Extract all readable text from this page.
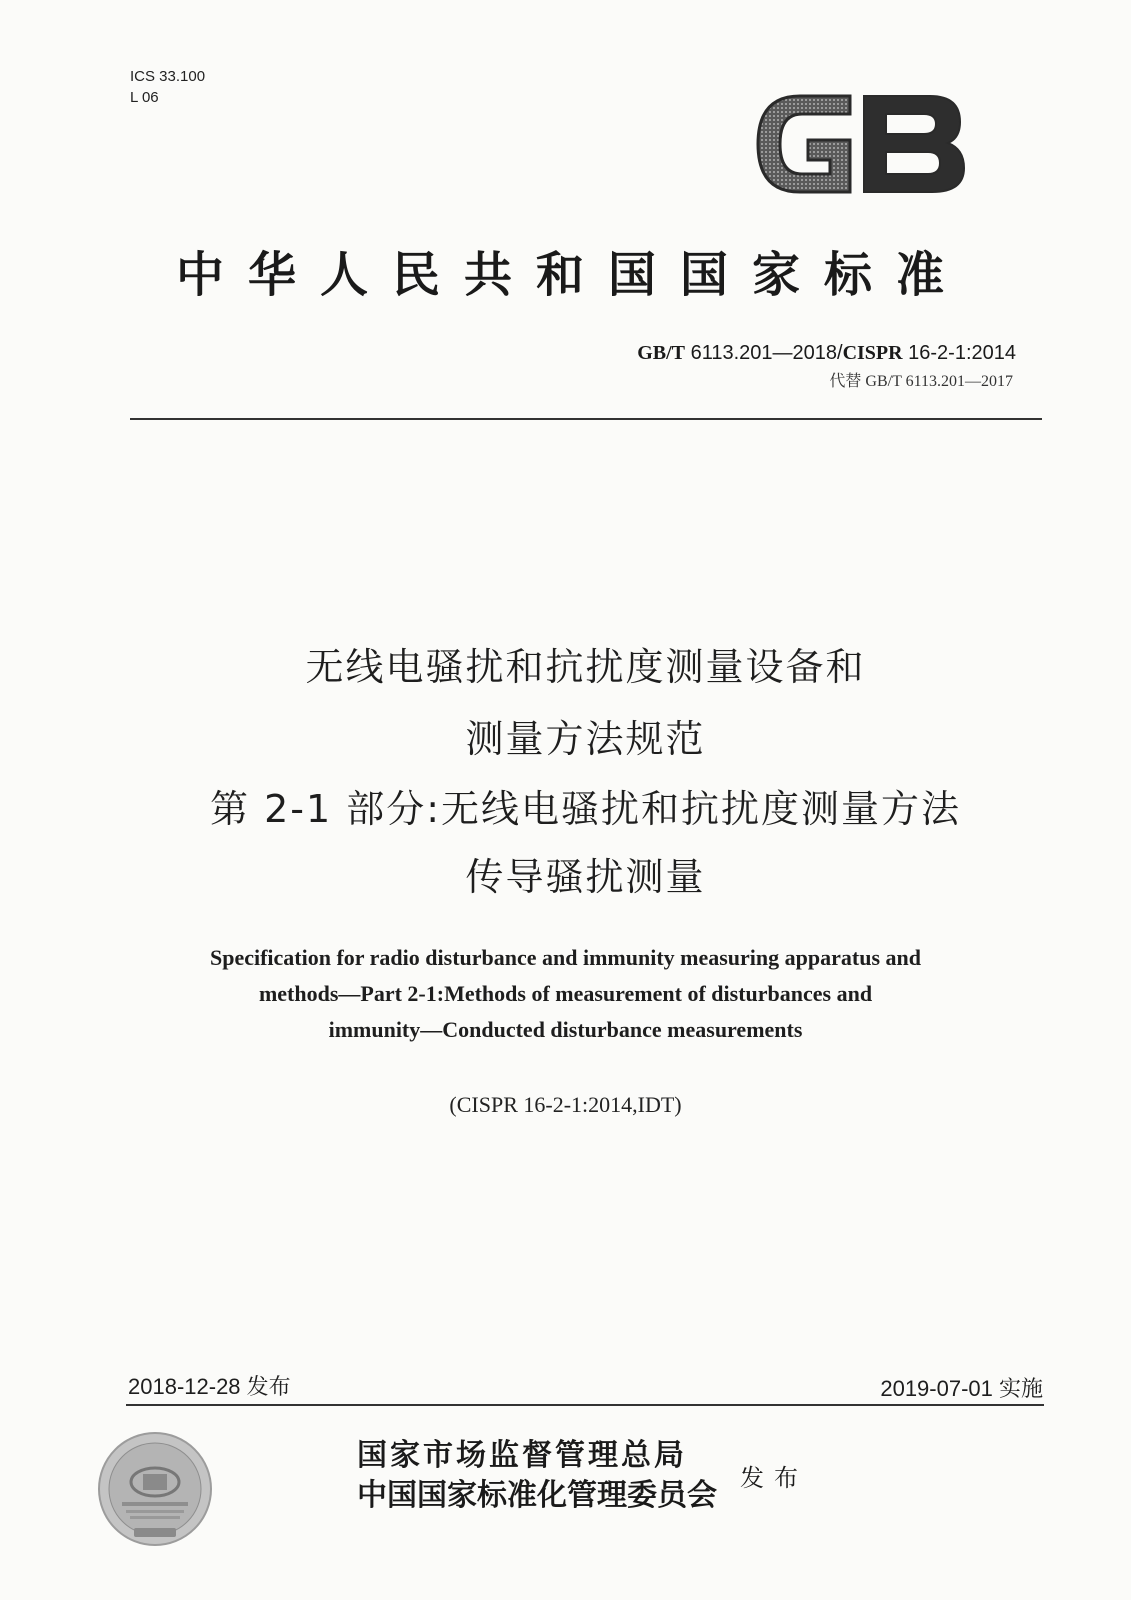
ICS 33.100
L 06
中华人民共和国国家标准
GB/T 6113.201—2018/CISPR 16-2-1:2014
代替 GB/T 6113.201—2017
无线电骚扰和抗扰度测量设备和
测量方法规范
第 2-1 部分:无线电骚扰和抗扰度测量方法
传导骚扰测量
Specification for radio disturbance and immunity measuring apparatus and
methods—Part 2-1:Methods of measurement of disturbances and
immunity—Conducted disturbance measurements
(CISPR 16-2-1:2014,IDT)
2018-12-28 发布	2019-07-01 实施
国家市场监督管理总局
中国国家标准化管理委员会 发布
